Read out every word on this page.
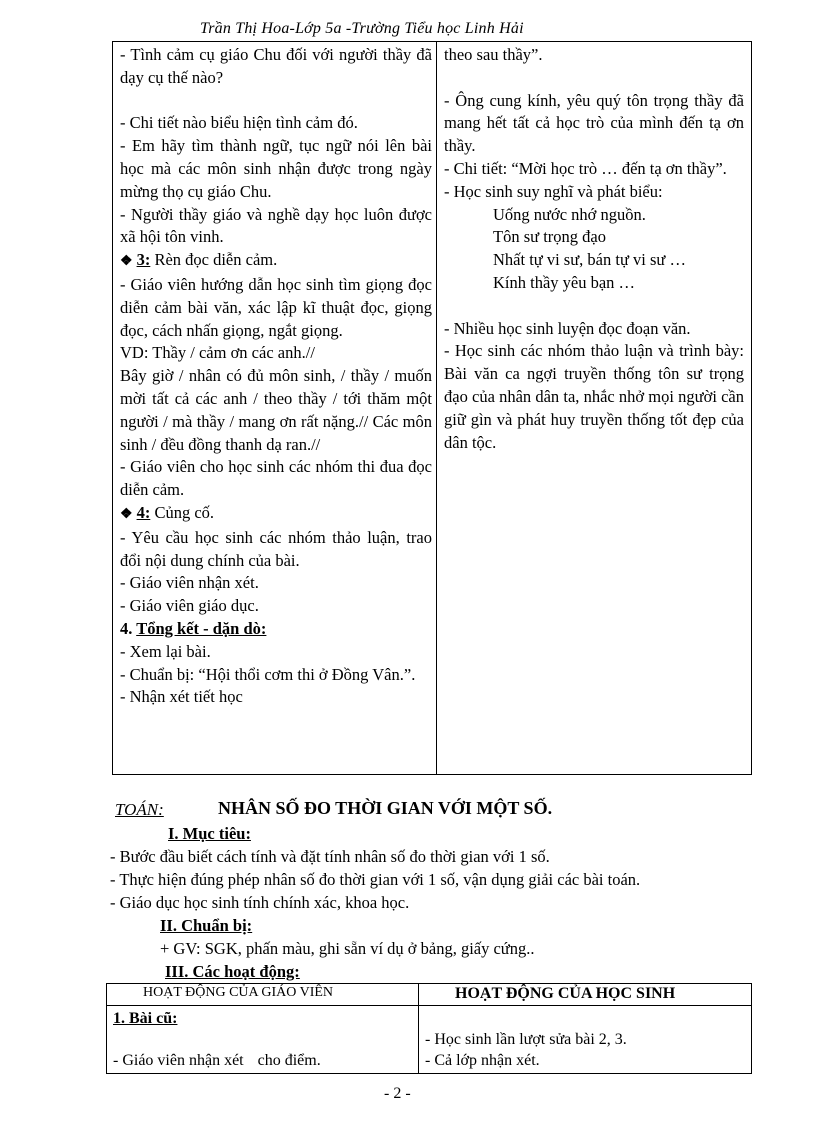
Trần Thị Hoa-Lớp 5a -Trường Tiểu học Linh Hải

- Tình cảm cụ giáo Chu đối với người thầy đã dạy cụ thế nào?

- Chi tiết nào biểu hiện tình cảm đó.

- Em hãy tìm thành ngữ, tục ngữ nói lên bài học mà các môn sinh nhận được trong ngày mừng thọ cụ giáo Chu.

- Người thầy giáo và nghề dạy học luôn được xã hội tôn vinh.

❖ 3: Rèn đọc diễn cảm.

- Giáo viên hướng dẫn học sinh tìm giọng đọc diễn cảm bài văn, xác lập kĩ thuật đọc, giọng đọc, cách nhấn giọng, ngắt giọng.

VD: Thầy / cảm ơn các anh.//

Bây giờ / nhân có đủ môn sinh, / thầy / muốn mời tất cả các anh / theo thầy / tới thăm một người / mà thầy / mang ơn rất nặng.// Các môn sinh / đều đồng thanh dạ ran.//

- Giáo viên cho học sinh các nhóm thi đua đọc diễn cảm.

❖ 4: Củng cố.

- Yêu cầu học sinh các nhóm thảo luận, trao đổi nội dung chính của bài.

- Giáo viên nhận xét.

- Giáo viên giáo dục.

4. Tổng kết - dặn dò:

- Xem lại bài.

- Chuẩn bị: “Hội thổi cơm thi ở Đồng Vân.”.

- Nhận xét tiết học

theo sau thầy”.

- Ông cung kính, yêu quý tôn trọng thầy đã mang hết tất cả học trò của mình đến tạ ơn thầy.

- Chi tiết: “Mời học trò … đến tạ ơn thầy”.

- Học sinh suy nghĩ và phát biểu:

Uống nước nhớ nguồn.

Tôn sư trọng đạo

Nhất tự vi sư, bán tự vi sư …

Kính thầy yêu bạn …

- Nhiều học sinh luyện đọc đoạn văn.

- Học sinh các nhóm thảo luận và trình bày: Bài văn ca ngợi truyền thống tôn sư trọng đạo của nhân dân ta, nhắc nhở mọi người cần giữ gìn và phát huy truyền thống tốt đẹp của dân tộc.

TOÁN:	NHÂN SỐ ĐO THỜI GIAN VỚI MỘT SỐ.

I. Mục tiêu:

- Bước đầu biết cách tính và đặt tính nhân số đo thời gian với 1 số.

- Thực hiện đúng phép nhân số đo thời gian với 1 số, vận dụng giải các bài toán.

- Giáo dục học sinh tính chính xác, khoa học.

II. Chuẩn bị:

+ GV: SGK, phấn màu, ghi sẵn ví dụ ở bảng, giấy cứng..

III. Các hoạt động:

HOẠT ĐỘNG CỦA GIÁO VIÊN	HOẠT ĐỘNG CỦA HỌC SINH
1. Bài cũ:
- Giáo viên nhận xét cho điểm.
- Học sinh lần lượt sửa bài 2, 3.
- Cả lớp nhận xét.
- 2 -
